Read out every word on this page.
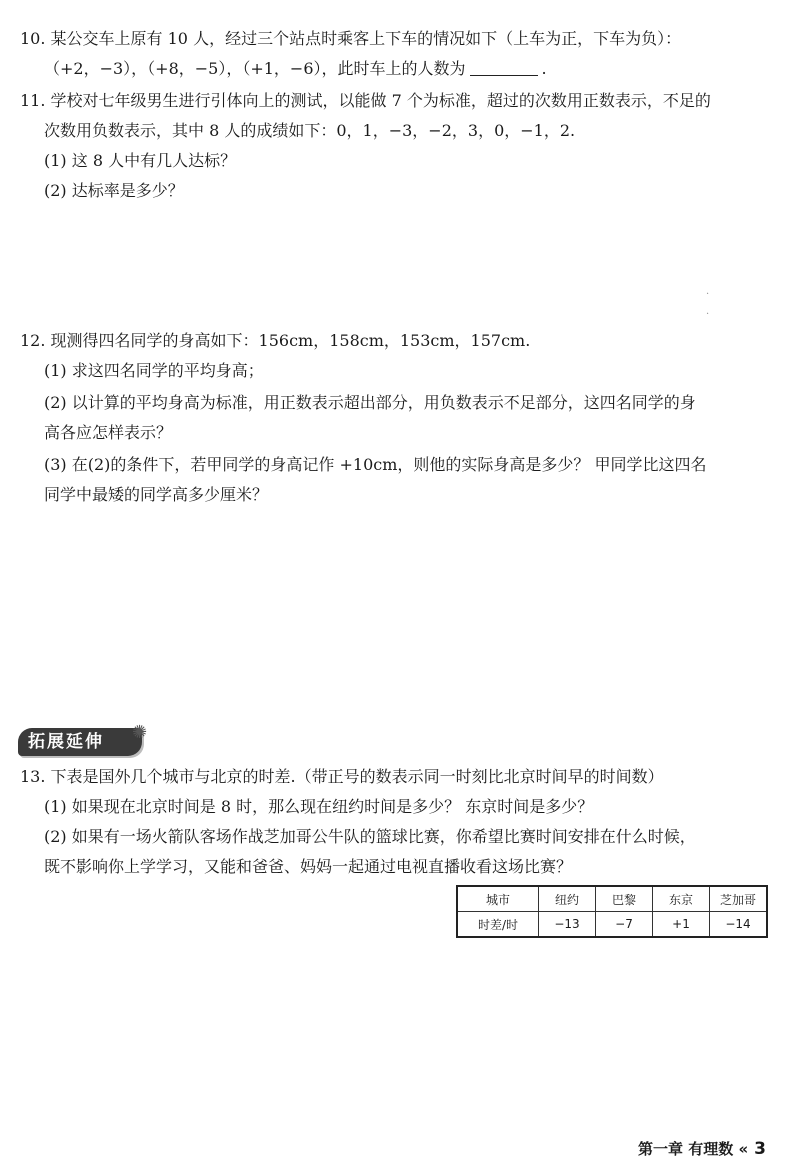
10. 某公交车上原有 10 人，经过三个站点时乘客上下车的情况如下（上车为正，下车为负）：
（+2，−3），（+8，−5），（+1，−6），此时车上的人数为	.
11. 学校对七年级男生进行引体向上的测试，以能做 7 个为标准，超过的次数用正数表示，不足的
次数用负数表示，其中 8 人的成绩如下：0，1，−3，−2，3，0，−1，2.
(1) 这 8 人中有几人达标？
(2) 达标率是多少？
·

·
12. 现测得四名同学的身高如下：156cm，158cm，153cm，157cm.
(1) 求这四名同学的平均身高；
(2) 以计算的平均身高为标准，用正数表示超出部分，用负数表示不足部分，这四名同学的身
高各应怎样表示？
(3) 在(2)的条件下，若甲同学的身高记作 +10cm，则他的实际身高是多少？ 甲同学比这四名
同学中最矮的同学高多少厘米？
拓展延伸	✺
13. 下表是国外几个城市与北京的时差.（带正号的数表示同一时刻比北京时间早的时间数）
(1) 如果现在北京时间是 8 时，那么现在纽约时间是多少？ 东京时间是多少？
(2) 如果有一场火箭队客场作战芝加哥公牛队的篮球比赛，你希望比赛时间安排在什么时候，
既不影响你上学学习，又能和爸爸、妈妈一起通过电视直播收看这场比赛？
城市	纽约	巴黎	东京	芝加哥
时差/时	−13	−7	+1	−14
第一章 有理数 « 3
